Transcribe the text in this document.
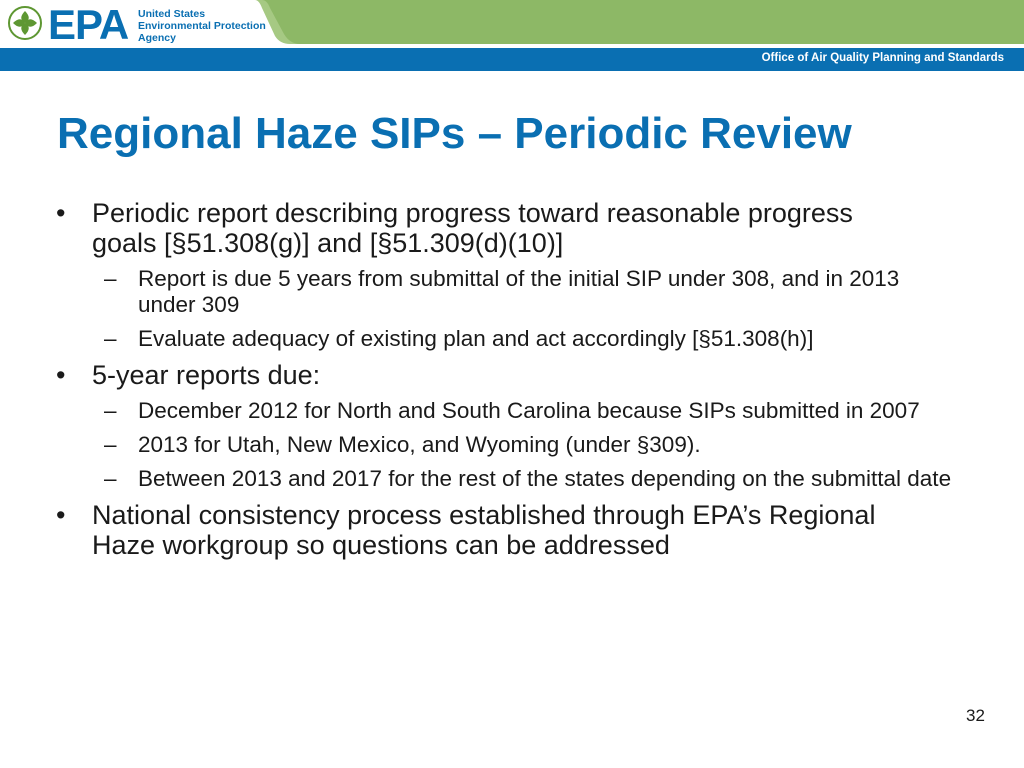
EPA United States
Environmental Protection
Agency
Office of Air Quality Planning and Standards
Regional Haze SIPs – Periodic Review
• Periodic report describing progress toward reasonable progress goals [§51.308(g)] and [§51.309(d)(10)]
– Report is due 5 years from submittal of the initial SIP under 308, and in 2013 under 309
– Evaluate adequacy of existing plan and act accordingly [§51.308(h)]
• 5-year reports due:
– December 2012 for North and South Carolina because SIPs submitted in 2007
– 2013 for Utah, New Mexico, and Wyoming (under §309).
– Between 2013 and 2017 for the rest of the states depending on the submittal date
• National consistency process established through EPA’s Regional Haze workgroup so questions can be addressed
32
